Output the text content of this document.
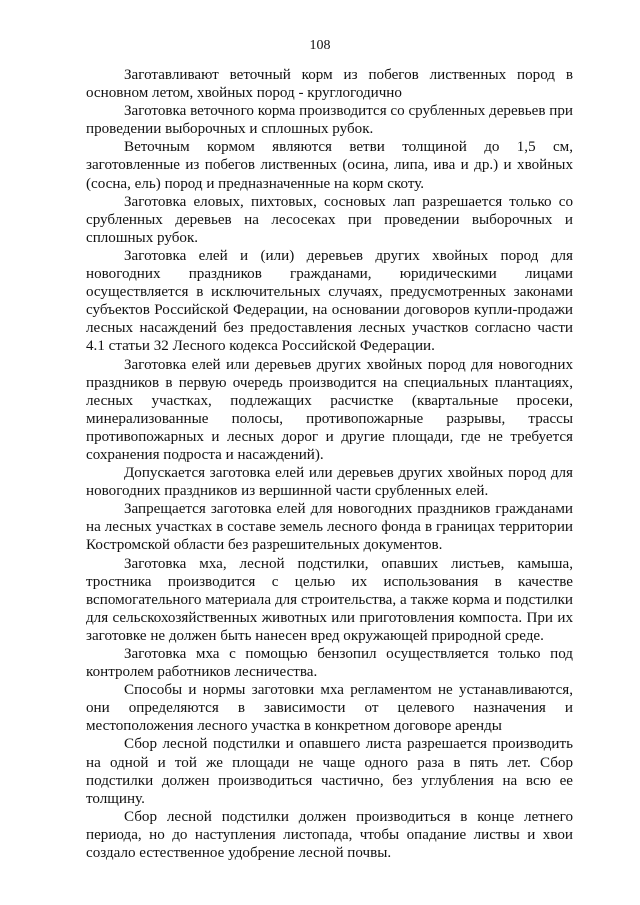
108

Заготавливают веточный корм из побегов лиственных пород в основном летом, хвойных пород - круглогодично

Заготовка веточного корма производится со срубленных деревьев при проведении выборочных и сплошных рубок.

Веточным кормом являются ветви толщиной до 1,5 см, заготовленные из побегов лиственных (осина, липа, ива и др.) и хвойных (сосна, ель) пород и предназначенные на корм скоту.

Заготовка еловых, пихтовых, сосновых лап разрешается только со срубленных деревьев на лесосеках при проведении выборочных и сплошных рубок.

Заготовка елей и (или) деревьев других хвойных пород для новогодних праздников гражданами, юридическими лицами осуществляется в исключительных случаях, предусмотренных законами субъектов Российской Федерации, на основании договоров купли-продажи лесных насаждений без предоставления лесных участков согласно части 4.1 статьи 32 Лесного кодекса Российской Федерации.

Заготовка елей или деревьев других хвойных пород для новогодних праздников в первую очередь производится на специальных плантациях, лесных участках, подлежащих расчистке (квартальные просеки, минерализованные полосы, противопожарные разрывы, трассы противопожарных и лесных дорог и другие площади, где не требуется сохранения подроста и насаждений).

Допускается заготовка елей или деревьев других хвойных пород для новогодних праздников из вершинной части срубленных елей.

Запрещается заготовка елей для новогодних праздников гражданами на лесных участках в составе земель лесного фонда в границах территории Костромской области без разрешительных документов.

Заготовка мха, лесной подстилки, опавших листьев, камыша, тростника производится с целью их использования в качестве вспомогательного материала для строительства, а также корма и подстилки для сельскохозяйственных животных или приготовления компоста. При их заготовке не должен быть нанесен вред окружающей природной среде.

Заготовка мха с помощью бензопил осуществляется только под контролем работников лесничества.

Способы и нормы заготовки мха регламентом не устанавливаются, они определяются в зависимости от целевого назначения и местоположения лесного участка в конкретном договоре аренды

Сбор лесной подстилки и опавшего листа разрешается производить на одной и той же площади не чаще одного раза в пять лет. Сбор подстилки должен производиться частично, без углубления на всю ее толщину.

Сбор лесной подстилки должен производиться в конце летнего периода, но до наступления листопада, чтобы опадание листвы и хвои создало естественное удобрение лесной почвы.
